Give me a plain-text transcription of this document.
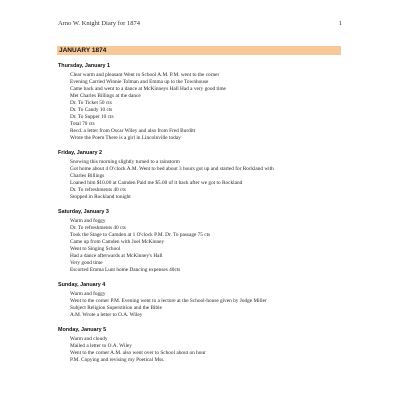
Arno W. Knight Diary for 1874	1
JANUARY 1874
Thursday, January 1
Clear warm and pleasant Went to School A.M. P.M. went to the corner
Evening Carried Winnie Tolman and Emma up to the Townhouse
Came back and went to a dance at McKinneys Hall Had a very good time
Met Charles Billings at the dance
Dr. To Ticket 50 cts
Dr. To Candy 10 cts
Dr. To Supper 10 cts
Total 70 cts
Recd. a letter from Oscar Wiley and also from Fred Burditt
Wrote the Poem There is a girl in Lincolnville today
Friday, January 2
Snowing this morning slightly turned to a rainstorm
Got home about 4 O'clock A.M. Went to bed about 3 hours got up and started for Rockland with
Charles Billings
Loaned him $10.00 at Camden Paid me $5.00 of it back after we got to Rockland
Dr. To refreshments 40 cts
Stopped in Rockland tonight
Saturday, January 3
Warm and foggy
Dr. To refreshments 40 cts
Took the Stage to Camden at 1 O'clock P.M. Dr. To passage 75 cts
Came up from Camden with Joel McKinney
Went to Singing School
Had a dance afterwards at McKinney's Hall
Very good time
Escorted Emma Lunt home Dancing expenses 40cts
Sunday, January 4
Warm and foggy
Went to the corner P.M. Evening went to a lecture at the School-house given by Judge Miller
Subject Religion Superstition and the Bible
A.M. Wrote a letter to O.A. Wiley
Monday, January 5
Warm and cloudy
Mailed a letter to O.A. Wiley
Went to the corner A.M. also went over to School about on hour
P.M. Copying and revising my Poetical Mss.
